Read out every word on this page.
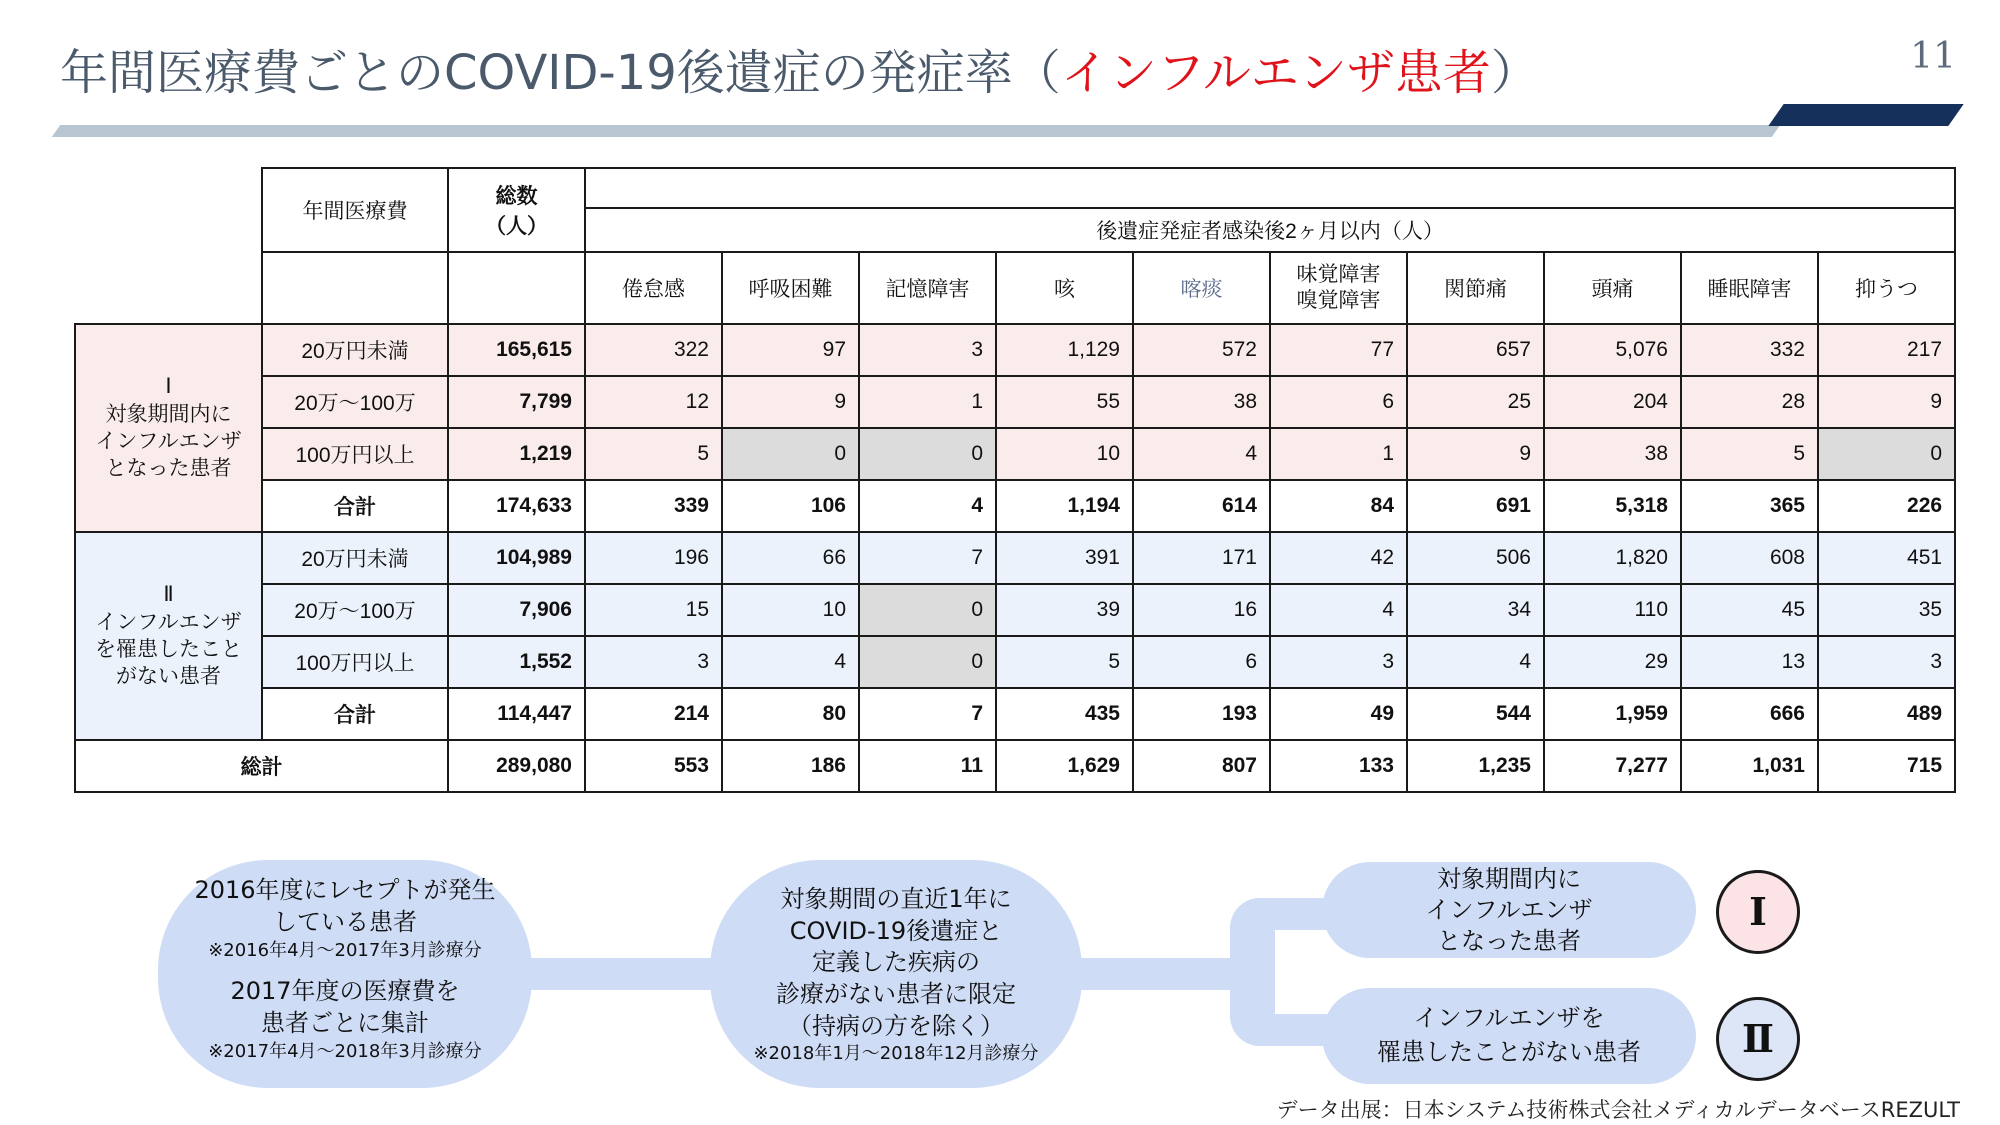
年間医療費ごとのCOVID-19後遺症の発症率（インフルエンザ患者）	11
	年間医療費	総数
（人）										

			後遺症発症者感染後2ヶ月以内（人）									
			倦怠感	呼吸困難	記憶障害	咳	喀痰	味覚障害
嗅覚障害	関節痛	頭痛	睡眠障害	抑うつ

Ⅰ
対象期間内に
インフルエンザ
となった患者	20万円未満	165,615	322	97	3	1,129	572	77	657	5,076	332	217
	20万～100万	7,799	12	9	1	55	38	6	25	204	28	9
	100万円以上	1,219	5	0	0	10	4	1	9	38	5	0
	合計	174,633	339	106	4	1,194	614	84	691	5,318	365	226

Ⅱ
インフルエンザ
を罹患したこと
がない患者	20万円未満	104,989	196	66	7	391	171	42	506	1,820	608	451
	20万～100万	7,906	15	10	0	39	16	4	34	110	45	35
	100万円以上	1,552	3	4	0	5	6	3	4	29	13	3
	合計	114,447	214	80	7	435	193	49	544	1,959	666	489
総計		289,080	553	186	11	1,629	807	133	1,235	7,277	1,031	715
2016年度にレセプトが発生
している患者
※2016年4月～2017年3月診療分
2017年度の医療費を
患者ごとに集計
※2017年4月～2018年3月診療分
対象期間の直近1年に
COVID-19後遺症と
定義した疾病の
診療がない患者に限定
（持病の方を除く）
※2018年1月～2018年12月診療分
対象期間内に
インフルエンザ
となった患者
インフルエンザを
罹患したことがない患者
Ⅰ
Ⅱ
データ出展：日本システム技術株式会社メディカルデータベースREZULT
